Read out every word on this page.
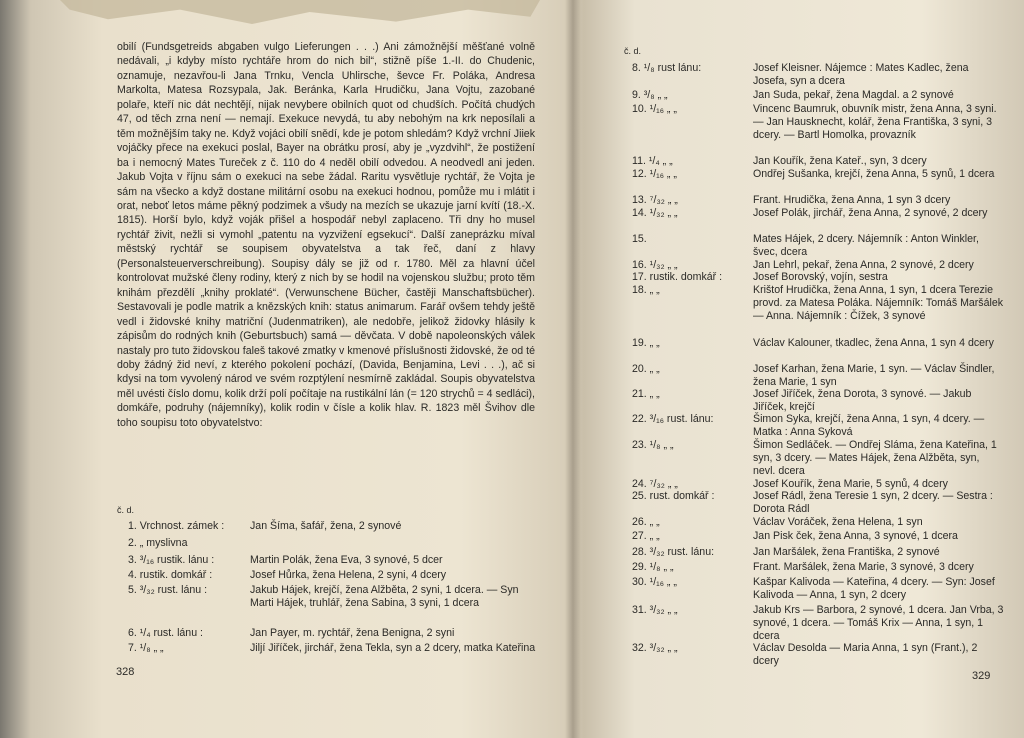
obilí (Fundsgetreids abgaben vulgo Lieferungen . . .) Ani zámožnější měšťané volně nedávali, „i kdyby místo rychtáře hrom do nich bil“, stižně píše 1.-II. do Chudenic, oznamuje, nezavřou-li Jana Trnku, Vencla Uhlirsche, ševce Fr. Poláka, Andresa Markolta, Matesa Rozsypala, Jak. Beránka, Karla Hrudičku, Jana Vojtu, zazobané polaře, kteří nic dát nechtějí, nijak nevybere obilních quot od chudších. Počítá chudých 47, od těch zrna není — nemají. Exekuce nevydá, tu aby nebohým na krk neposílali a těm možnějším taky ne. Když vojáci obilí snědí, kde je potom shledám? Když vrchní Jiiek vojáčky přece na exekuci poslal, Bayer na obrátku prosí, aby je „vyzdvihl“, že postižení ba i nemocný Mates Tureček z č. 110 do 4 neděl obilí odvedou. A neodvedl ani jeden. Jakub Vojta v říjnu sám o exekuci na sebe žádal. Raritu vysvětluje rychtář, že Vojta je sám na všecko a když dostane militární osobu na exekuci hodnou, pomůže mu i mlátit i orat, neboť letos máme pěkný podzimek a všudy na mezích se ukazuje jarní kvítí (18.-X. 1815). Horší bylo, když voják přišel a hospodář nebyl zaplaceno. Tři dny ho musel rychtář živit, nežli si vymohl „patentu na vyzvižení egsekucí“. Další zaneprázku míval městský rychtář se soupisem obyvatelstva a tak řeč, daní z hlavy (Personalsteuerverschreibung). Soupisy dály se již od r. 1780. Měl za hlavní účel kontrolovat mužské členy rodiny, který z nich by se hodil na vojenskou službu; proto těm knihám přezdělí „knihy proklaté“. (Verwunschene Bücher, častěji Manschaftsbücher). Sestavovali je podle matrik a knězských knih: status animarum. Farář ovšem tehdy ještě vedl i židovské knihy matriční (Judenmatriken), ale nedobře, jelikož židovky hlásily k zápisům do rodných knih (Geburtsbuch) samá — děvčata. V době napoleonských válek nastaly pro tuto židovskou faleš takové zmatky v kmenové příslušnosti židovské, že od té doby žádný žid neví, z kterého pokolení pochází, (Davida, Benjamina, Levi . . .), ač si kdysi na tom vyvolený národ ve svém rozptýlení nesmírně zakládal. Soupis obyvatelstva měl uvésti číslo domu, kolik drží polí počítaje na rustikální lán (= 120 strychů = 4 sedláci), domkáře, podruhy (nájemníky), kolik rodin v čísle a kolik hlav. R. 1823 měl Švihov dle toho soupisu toto obyvatelstvo:
č. d.
1. Vrchnost. zámek : Jan Šíma, šafář, žena, 2 synové
2. „ myslivna
3. ³/₁₆ rustik. lánu :	Martin Polák, žena Eva, 3 synové, 5 dcer
4. rustik. domkář :	Josef Hůrka, žena Helena, 2 syni, 4 dcery
5. ³/₃₂ rust. lánu :	Jakub Hájek, krejčí, žena Alžběta, 2 syni, 1 dcera. — Syn Marti Hájek, truhlář, žena Sabina, 3 syni, 1 dcera
6. ¹/₄ rust. lánu :	Jan Payer, m. rychtář, žena Benigna, 2 syni
7. ¹/₈ „ „	Jiljí Jiříček, jirchář, žena Tekla, syn a 2 dcery, matka Kateřina
328
č. d.
8. ¹/₈ rust lánu:	Josef Kleisner. Nájemce : Mates Kadlec, žena Josefa, syn a dcera
9. ³/₈ „ „	Jan Suda, pekař, žena Magdal. a 2 synové
10. ¹/₁₆ „ „	Vincenc Baumruk, obuvník mistr, žena Anna, 3 syni. — Jan Hausknecht, kolář, žena Františka, 3 syni, 3 dcery. — Bartl Homolka, provazník
11. ¹/₄ „ „	Jan Kouřík, žena Kateř., syn, 3 dcery
12. ¹/₁₆ „ „	Ondřej Sušanka, krejčí, žena Anna, 5 synů, 1 dcera
13. ⁷/₃₂ „ „	Frant. Hrudička, žena Anna, 1 syn 3 dcery
14. ¹/₃₂ „ „	Josef Polák, jirchář, žena Anna, 2 synové, 2 dcery
15.	Mates Hájek, 2 dcery. Nájemník : Anton Winkler, švec, dcera
16. ¹/₃₂ „ „	Jan Lehrl, pekař, žena Anna, 2 synové, 2 dcery
17. rustik. domkář :	Josef Borovský, vojín, sestra
18. „ „	Krištof Hrudička, žena Anna, 1 syn, 1 dcera Terezie provd. za Matesa Poláka. Nájemník: Tomáš Maršálek — Anna. Nájemník : Čížek, 3 synové
19. „ „	Václav Kalouner, tkadlec, žena Anna, 1 syn 4 dcery
20. „ „	Josef Karhan, žena Marie, 1 syn. — Václav Šindler, žena Marie, 1 syn
21. „ „	Josef Jiříček, žena Dorota, 3 synové. — Jakub Jiříček, krejčí
22. ³/₁₆ rust. lánu:	Šimon Syka, krejčí, žena Anna, 1 syn, 4 dcery. — Matka : Anna Syková
23. ¹/₈ „ „	Šimon Sedláček. — Ondřej Sláma, žena Kateřina, 1 syn, 3 dcery. — Mates Hájek, žena Alžběta, syn, nevl. dcera
24. ⁷/₃₂ „ „	Josef Kouřík, žena Marie, 5 synů, 4 dcery
25. rust. domkář :	Josef Rádl, žena Teresie 1 syn, 2 dcery. — Sestra : Dorota Rádl
26. „ „	Václav Voráček, žena Helena, 1 syn
27. „ „	Jan Pisk ček, žena Anna, 3 synové, 1 dcera
28. ³/₃₂ rust. lánu:	Jan Maršálek, žena Františka, 2 synové
29. ¹/₈ „ „	Frant. Maršálek, žena Marie, 3 synové, 3 dcery
30. ¹/₁₆ „ „	Kašpar Kalivoda — Kateřina, 4 dcery. — Syn: Josef Kalivoda — Anna, 1 syn, 2 dcery
31. ³/₃₂ „ „	Jakub Krs — Barbora, 2 synové, 1 dcera. Jan Vrba, 3 synové, 1 dcera. — Tomáš Krix — Anna, 1 syn, 1 dcera
32. ³/₃₂ „ „	Václav Desolda — Maria Anna, 1 syn (Frant.), 2 dcery
329
